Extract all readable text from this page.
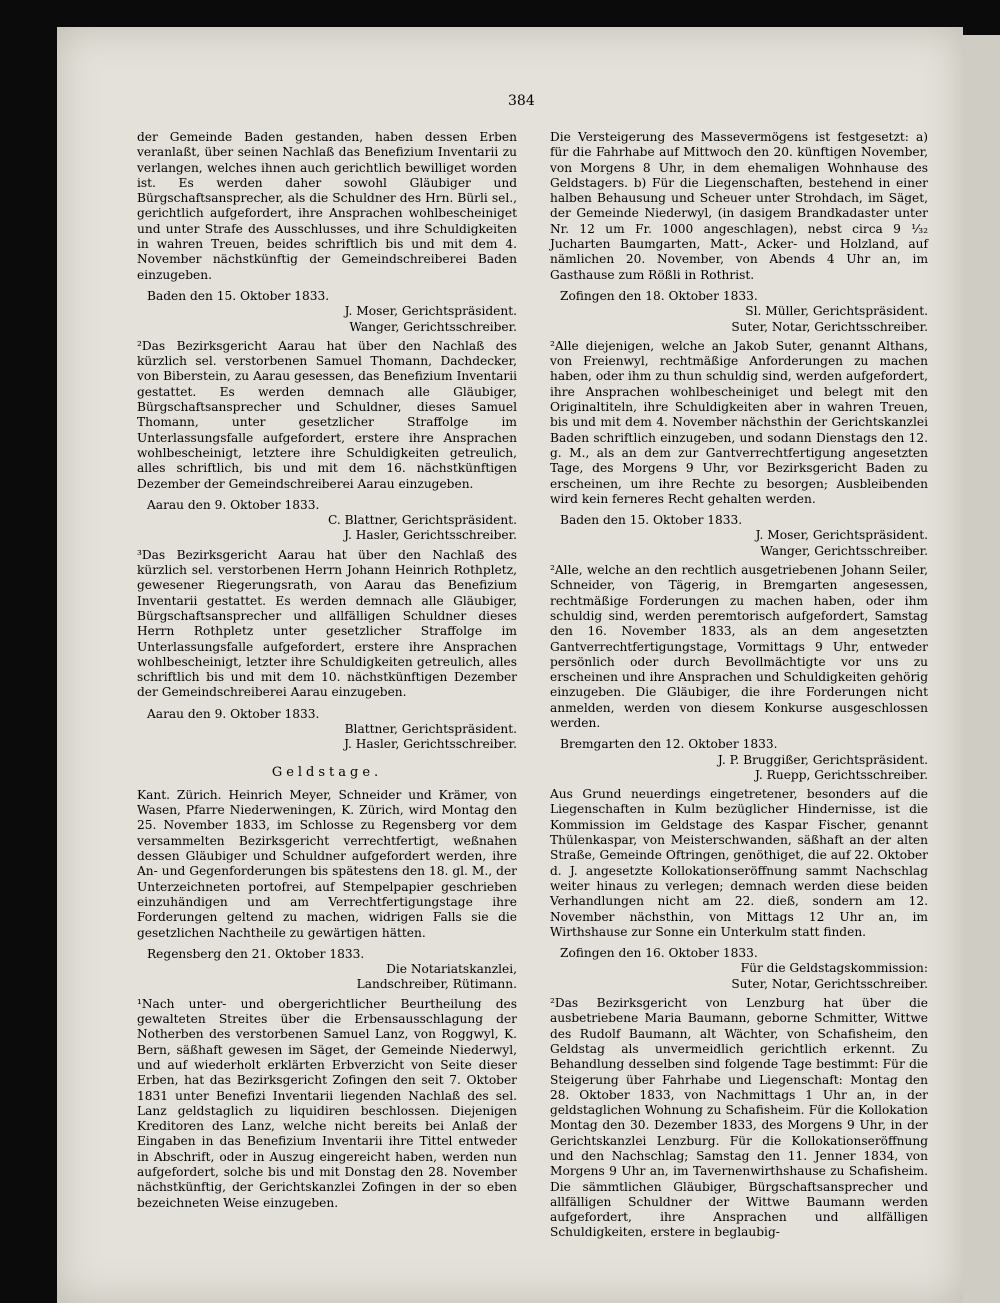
384

der Gemeinde Baden gestanden, haben dessen Erben veranlaßt, über seinen Nachlaß das Benefizium Inventarii zu verlangen, welches ihnen auch gerichtlich bewilliget worden ist. Es werden daher sowohl Gläubiger und Bürgschaftsansprecher, als die Schuldner des Hrn. Bürli sel., gerichtlich aufgefordert, ihre Ansprachen wohlbescheiniget und unter Strafe des Ausschlusses, und ihre Schuldigkeiten in wahren Treuen, beides schriftlich bis und mit dem 4. November nächstkünftig der Gemeindschreiberei Baden einzugeben.

Baden den 15. Oktober 1833.
J. Moser, Gerichtspräsident.
Wanger, Gerichtsschreiber.

²Das Bezirksgericht Aarau hat über den Nachlaß des kürzlich sel. verstorbenen Samuel Thomann, Dachdecker, von Biberstein, zu Aarau gesessen, das Benefizium Inventarii gestattet. Es werden demnach alle Gläubiger, Bürgschaftsansprecher und Schuldner, dieses Samuel Thomann, unter gesetzlicher Straffolge im Unterlassungsfalle aufgefordert, erstere ihre Ansprachen wohlbescheinigt, letztere ihre Schuldigkeiten getreulich, alles schriftlich, bis und mit dem 16. nächstkünftigen Dezember der Gemeindschreiberei Aarau einzugeben.

Aarau den 9. Oktober 1833.
C. Blattner, Gerichtspräsident.
J. Hasler, Gerichtsschreiber.

³Das Bezirksgericht Aarau hat über den Nachlaß des kürzlich sel. verstorbenen Herrn Johann Heinrich Rothpletz, gewesener Riegerungsrath, von Aarau das Benefizium Inventarii gestattet. Es werden demnach alle Gläubiger, Bürgschaftsansprecher und allfälligen Schuldner dieses Herrn Rothpletz unter gesetzlicher Straffolge im Unterlassungsfalle aufgefordert, erstere ihre Ansprachen wohlbescheinigt, letzter ihre Schuldigkeiten getreulich, alles schriftlich bis und mit dem 10. nächstkünftigen Dezember der Gemeindschreiberei Aarau einzugeben.

Aarau den 9. Oktober 1833.
Blattner, Gerichtspräsident.
J. Hasler, Gerichtsschreiber.
Geldstage.

Kant. Zürich. Heinrich Meyer, Schneider und Krämer, von Wasen, Pfarre Niederweningen, K. Zürich, wird Montag den 25. November 1833, im Schlosse zu Regensberg vor dem versammelten Bezirksgericht verrechtfertigt, weßnahen dessen Gläubiger und Schuldner aufgefordert werden, ihre An- und Gegenforderungen bis spätestens den 18. gl. M., der Unterzeichneten portofrei, auf Stempelpapier geschrieben einzuhändigen und am Verrechtfertigungstage ihre Forderungen geltend zu machen, widrigen Falls sie die gesetzlichen Nachtheile zu gewärtigen hätten.

Regensberg den 21. Oktober 1833.
Die Notariatskanzlei,
Landschreiber, Rütimann.

¹Nach unter- und obergerichtlicher Beurtheilung des gewalteten Streites über die Erbensausschlagung der Notherben des verstorbenen Samuel Lanz, von Roggwyl, K. Bern, säßhaft gewesen im Säget, der Gemeinde Niederwyl, und auf wiederholt erklärten Erbverzicht von Seite dieser Erben, hat das Bezirksgericht Zofingen den seit 7. Oktober 1831 unter Benefizi Inventarii liegenden Nachlaß des sel. Lanz geldstaglich zu liquidiren beschlossen. Diejenigen Kreditoren des Lanz, welche nicht bereits bei Anlaß der Eingaben in das Benefizium Inventarii ihre Tittel entweder in Abschrift, oder in Auszug eingereicht haben, werden nun aufgefordert, solche bis und mit Donstag den 28. November nächstkünftig, der Gerichtskanzlei Zofingen in der so eben bezeichneten Weise einzugeben.

Die Versteigerung des Massevermögens ist festgesetzt: a) für die Fahrhabe auf Mittwoch den 20. künftigen November, von Morgens 8 Uhr, in dem ehemaligen Wohnhause des Geldstagers. b) Für die Liegenschaften, bestehend in einer halben Behausung und Scheuer unter Strohdach, im Säget, der Gemeinde Niederwyl, (in dasigem Brandkadaster unter Nr. 12 um Fr. 1000 angeschlagen), nebst circa 9 ¹⁄₃₂ Jucharten Baumgarten, Matt-, Acker- und Holzland, auf nämlichen 20. November, von Abends 4 Uhr an, im Gasthause zum Rößli in Rothrist.

Zofingen den 18. Oktober 1833.
Sl. Müller, Gerichtspräsident.
Suter, Notar, Gerichtsschreiber.

²Alle diejenigen, welche an Jakob Suter, genannt Althans, von Freienwyl, rechtmäßige Anforderungen zu machen haben, oder ihm zu thun schuldig sind, werden aufgefordert, ihre Ansprachen wohlbescheiniget und belegt mit den Originaltiteln, ihre Schuldigkeiten aber in wahren Treuen, bis und mit dem 4. November nächsthin der Gerichtskanzlei Baden schriftlich einzugeben, und sodann Dienstags den 12. g. M., als an dem zur Gantverrechtfertigung angesetzten Tage, des Morgens 9 Uhr, vor Bezirksgericht Baden zu erscheinen, um ihre Rechte zu besorgen; Ausbleibenden wird kein ferneres Recht gehalten werden.

Baden den 15. Oktober 1833.
J. Moser, Gerichtspräsident.
Wanger, Gerichtsschreiber.

²Alle, welche an den rechtlich ausgetriebenen Johann Seiler, Schneider, von Tägerig, in Bremgarten angesessen, rechtmäßige Forderungen zu machen haben, oder ihm schuldig sind, werden peremtorisch aufgefordert, Samstag den 16. November 1833, als an dem angesetzten Gantverrechtfertigungstage, Vormittags 9 Uhr, entweder persönlich oder durch Bevollmächtigte vor uns zu erscheinen und ihre Ansprachen und Schuldigkeiten gehörig einzugeben. Die Gläubiger, die ihre Forderungen nicht anmelden, werden von diesem Konkurse ausgeschlossen werden.

Bremgarten den 12. Oktober 1833.
J. P. Bruggißer, Gerichtspräsident.
J. Ruepp, Gerichtsschreiber.

Aus Grund neuerdings eingetretener, besonders auf die Liegenschaften in Kulm bezüglicher Hindernisse, ist die Kommission im Geldstage des Kaspar Fischer, genannt Thülenkaspar, von Meisterschwanden, säßhaft an der alten Straße, Gemeinde Oftringen, genöthiget, die auf 22. Oktober d. J. angesetzte Kollokationseröffnung sammt Nachschlag weiter hinaus zu verlegen; demnach werden diese beiden Verhandlungen nicht am 22. dieß, sondern am 12. November nächsthin, von Mittags 12 Uhr an, im Wirthshause zur Sonne ein Unterkulm statt finden.

Zofingen den 16. Oktober 1833.
Für die Geldstagskommission:
Suter, Notar, Gerichtsschreiber.

²Das Bezirksgericht von Lenzburg hat über die ausbetriebene Maria Baumann, geborne Schmitter, Wittwe des Rudolf Baumann, alt Wächter, von Schafisheim, den Geldstag als unvermeidlich gerichtlich erkennt. Zu Behandlung desselben sind folgende Tage bestimmt: Für die Steigerung über Fahrhabe und Liegenschaft: Montag den 28. Oktober 1833, von Nachmittags 1 Uhr an, in der geldstaglichen Wohnung zu Schafisheim. Für die Kollokation Montag den 30. Dezember 1833, des Morgens 9 Uhr, in der Gerichtskanzlei Lenzburg. Für die Kollokationseröffnung und den Nachschlag; Samstag den 11. Jenner 1834, von Morgens 9 Uhr an, im Tavernenwirthshause zu Schafisheim. Die sämmtlichen Gläubiger, Bürgschaftsansprecher und allfälligen Schuldner der Wittwe Baumann werden aufgefordert, ihre Ansprachen und allfälligen Schuldigkeiten, erstere in beglaubig-
